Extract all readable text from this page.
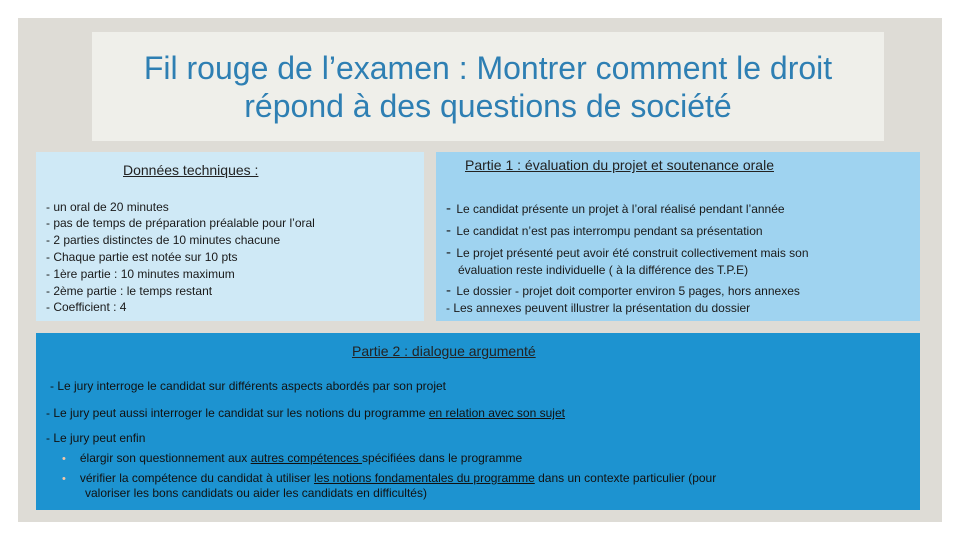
Fil rouge de l’examen : Montrer comment le droit répond à des questions de société
Données techniques :
- un oral de 20 minutes
- pas de temps de préparation préalable pour l’oral
- 2 parties distinctes de 10 minutes chacune
- Chaque partie est notée sur 10 pts
- 1ère partie : 10 minutes maximum
- 2ème partie : le temps restant
- Coefficient : 4
Partie 1 : évaluation du projet et soutenance orale
- Le candidat présente un projet à l’oral réalisé pendant l’année
- Le candidat n’est pas interrompu pendant sa présentation
- Le projet présenté peut avoir été construit collectivement mais son
évaluation reste individuelle ( à la différence des T.P.E)
- Le dossier - projet doit comporter environ 5 pages, hors annexes
- Les annexes peuvent illustrer la présentation du dossier
Partie 2 : dialogue argumenté
- Le jury interroge le candidat sur différents aspects abordés par son projet
- Le jury peut aussi interroger le candidat sur les notions du programme en relation avec son sujet
- Le jury peut enfin
• élargir son questionnement aux autres compétences spécifiées dans le programme
• vérifier la compétence du candidat à utiliser les notions fondamentales du programme dans un contexte particulier (pour
valoriser les bons candidats ou aider les candidats en difficultés)
